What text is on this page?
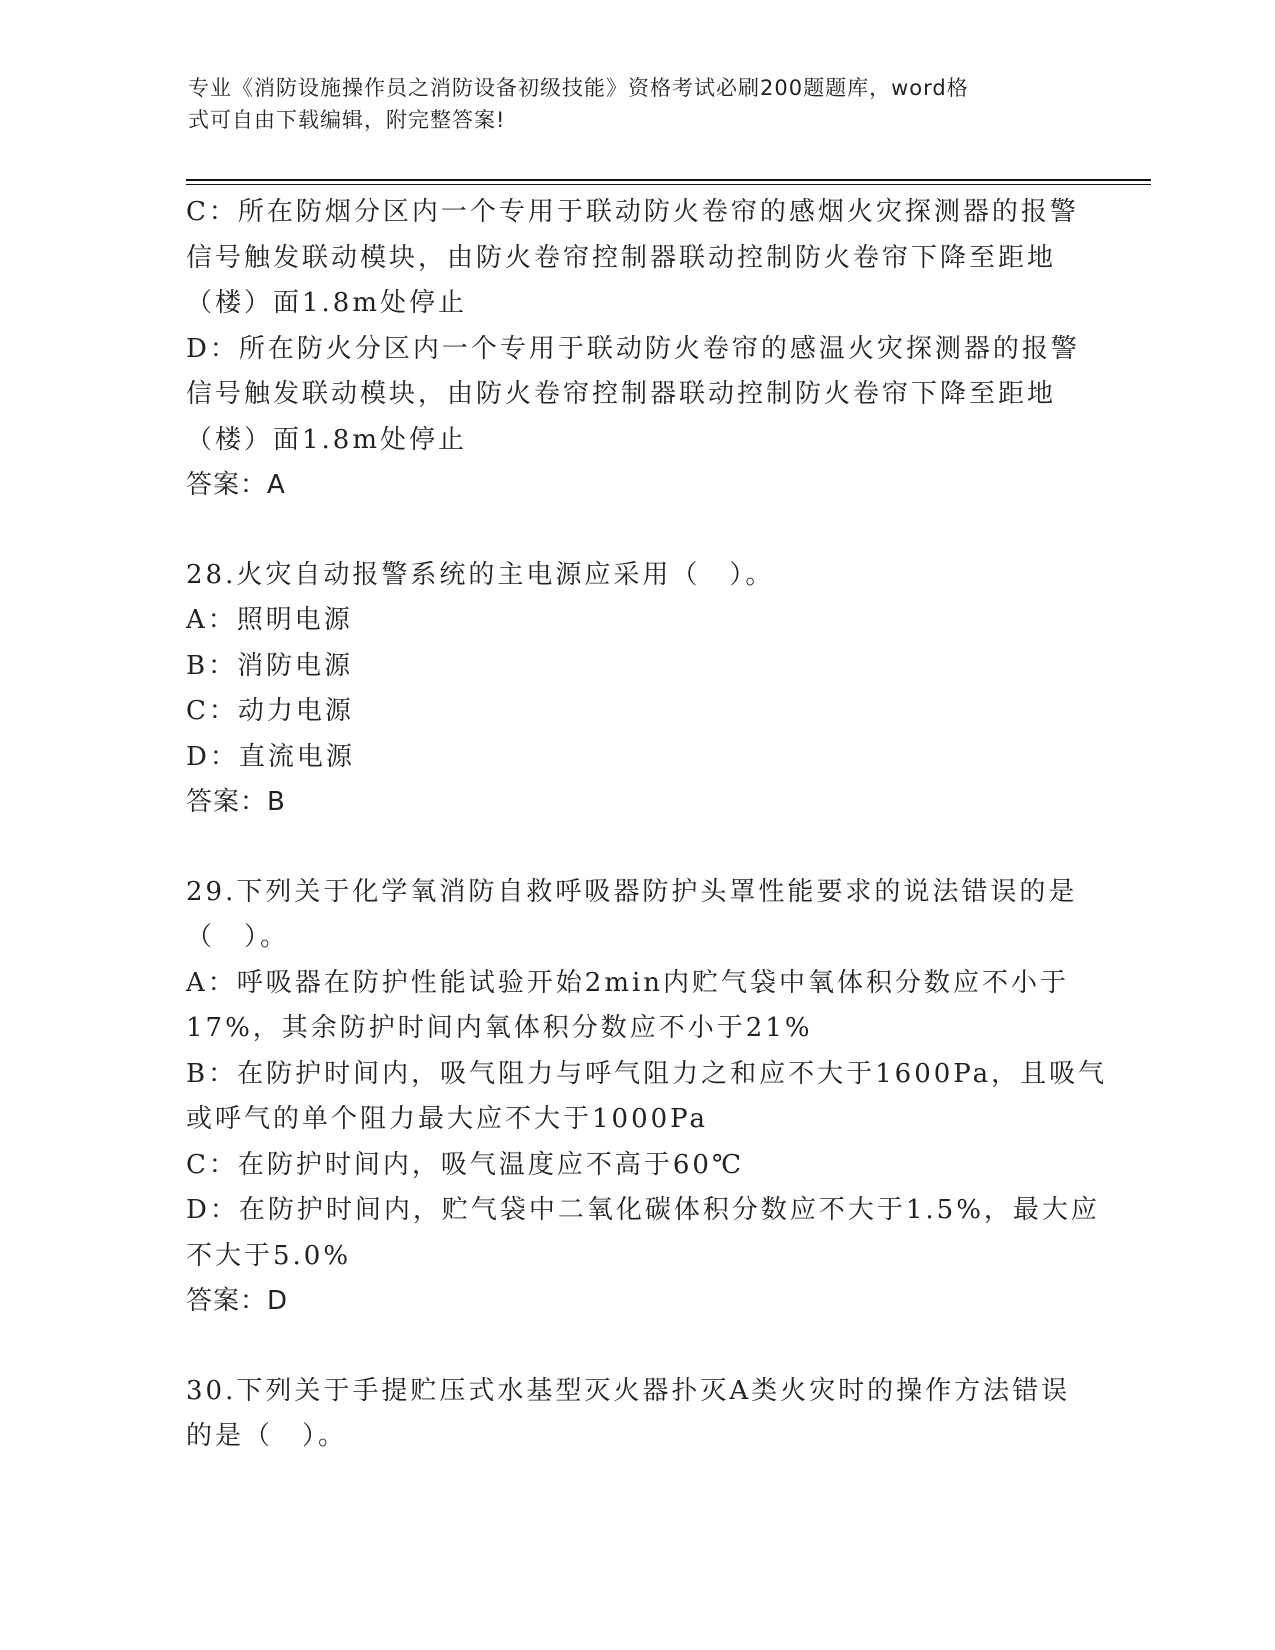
专业《消防设施操作员之消防设备初级技能》资格考试必刷200题题库，word格
式可自由下载编辑，附完整答案!
C：所在防烟分区内一个专用于联动防火卷帘的感烟火灾探测器的报警
信号触发联动模块，由防火卷帘控制器联动控制防火卷帘下降至距地
（楼）面1.8m处停止
D：所在防火分区内一个专用于联动防火卷帘的感温火灾探测器的报警
信号触发联动模块，由防火卷帘控制器联动控制防火卷帘下降至距地
（楼）面1.8m处停止
答案：A
28.火灾自动报警系统的主电源应采用（　）。
A：照明电源
B：消防电源
C：动力电源
D：直流电源
答案：B
29.下列关于化学氧消防自救呼吸器防护头罩性能要求的说法错误的是
（　）。
A：呼吸器在防护性能试验开始2min内贮气袋中氧体积分数应不小于
17%，其余防护时间内氧体积分数应不小于21%
B：在防护时间内，吸气阻力与呼气阻力之和应不大于1600Pa，且吸气
或呼气的单个阻力最大应不大于1000Pa
C：在防护时间内，吸气温度应不高于60℃
D：在防护时间内，贮气袋中二氧化碳体积分数应不大于1.5%，最大应
不大于5.0%
答案：D
30.下列关于手提贮压式水基型灭火器扑灭A类火灾时的操作方法错误
的是（　）。
